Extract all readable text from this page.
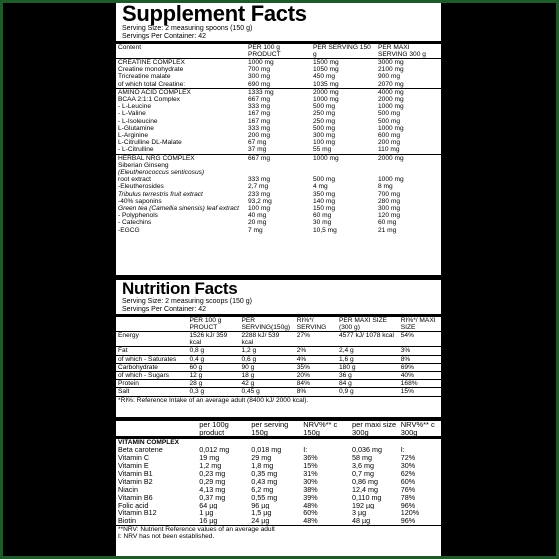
Supplement Facts
Serving Size: 2 measuring spoons (150 g)
Servings Per Container: 42
Content	PER 100 g PRODUCT	PER SERVING 150 g	PER MAXI SERVING 300 g
CREATINE COMPLEX	1000 mg	1500 mg	3000 mg
Creatine monohydrate	700 mg	1050 mg	2100 mg
Tricreatine malate	300 mg	450 mg	900 mg
of which total Creatine:	690 mg	1035 mg	2070 mg
AMINO ACID COMPLEX	1333 mg	2000 mg	4000 mg
BCAA 2:1:1 Complex	667 mg	1000 mg	2000 mg
- L-Leucine	333 mg	500 mg	1000 mg
- L-Valine	167 mg	250 mg	500 mg
- L-Isoleucine	167 mg	250 mg	500 mg
L-Glutamine	333 mg	500 mg	1000 mg
L-Arginine	200 mg	300 mg	600 mg
L-Citrulline DL-Malate	67 mg	100 mg	200 mg
- L-Citrulline	37 mg	55 mg	110 mg
HERBAL NRG COMPLEX	667 mg	1000 mg	2000 mg
Siberian Ginseng			
(Eleutherococcus senticosus)			
root extract	333 mg	500 mg	1000 mg
-Eleutherosides	2,7 mg	4 mg	8 mg
Tribulus terrestris fruit extract	233 mg	350 mg	700 mg
-40% saponins	93,2 mg	140 mg	280 mg
Green tea (Camellia sinensis) leaf extract	100 mg	150 mg	300 mg
- Polyphenols	40 mg	60 mg	120 mg
- Catechins	20 mg	30 mg	60 mg
-EGCG	7 mg	10,5 mg	21 mg
Nutrition Facts
Serving Size: 2 measuring scoops (150 g)
Servings Per Container: 42
	PER 100 g PROUCT	PER SERVING(150g)	RI%*/ SERVING	PER MAXI SIZE (300 g)	RI%*/ MAXI SIZE
Energy	1526 kJ/ 359 kcal	2288 kJ/ 539 kcal	27%	4577 kJ/ 1078 kcal	54%
Fat	0,8 g	1,2 g	2%	2,4 g	3%
of which - Saturates	0,4 g	0,6 g	4%	1,6 g	8%
Carbohydrate	60 g	90 g	35%	180 g	69%
of which - Sugars	12 g	18 g	20%	36 g	40%
Protein	28 g	42 g	84%	84 g	168%
Salt	0,3 g	0,45 g	8%	0,9 g	15%
*RI%: Reference Intake of an average adult (8400 kJ/ 2000 kcal).					
	per 100g product	per serving 150g	NRV%** c 150g	per maxi size 300g	NRV%** c 300g
VITAMIN COMPLEX					
Beta carotene	0,012 mg	0,018 mg	I:	0,036 mg	I:
Vitamin C	19 mg	29 mg	36%	58 mg	72%
Vitamin E	1,2 mg	1,8 mg	15%	3,6 mg	30%
Vitamin B1	0,23 mg	0,35 mg	31%	0,7 mg	62%
Vitamin B2	0,29 mg	0,43 mg	30%	0,86 mg	60%
Niacin	4,13 mg	6,2 mg	38%	12,4 mg	76%
Vitamin B6	0,37 mg	0,55 mg	39%	0,110 mg	78%
Folic acid	64 µg	96 µg	48%	192 µg	96%
Vitamin B12	1 µg	1,5 µg	60%	3 µg	120%
Biotin	16 µg	24 µg	48%	48 µg	96%
**NRV: Nutrient Reference values of an average adult					
I: NRV has not been established.					
